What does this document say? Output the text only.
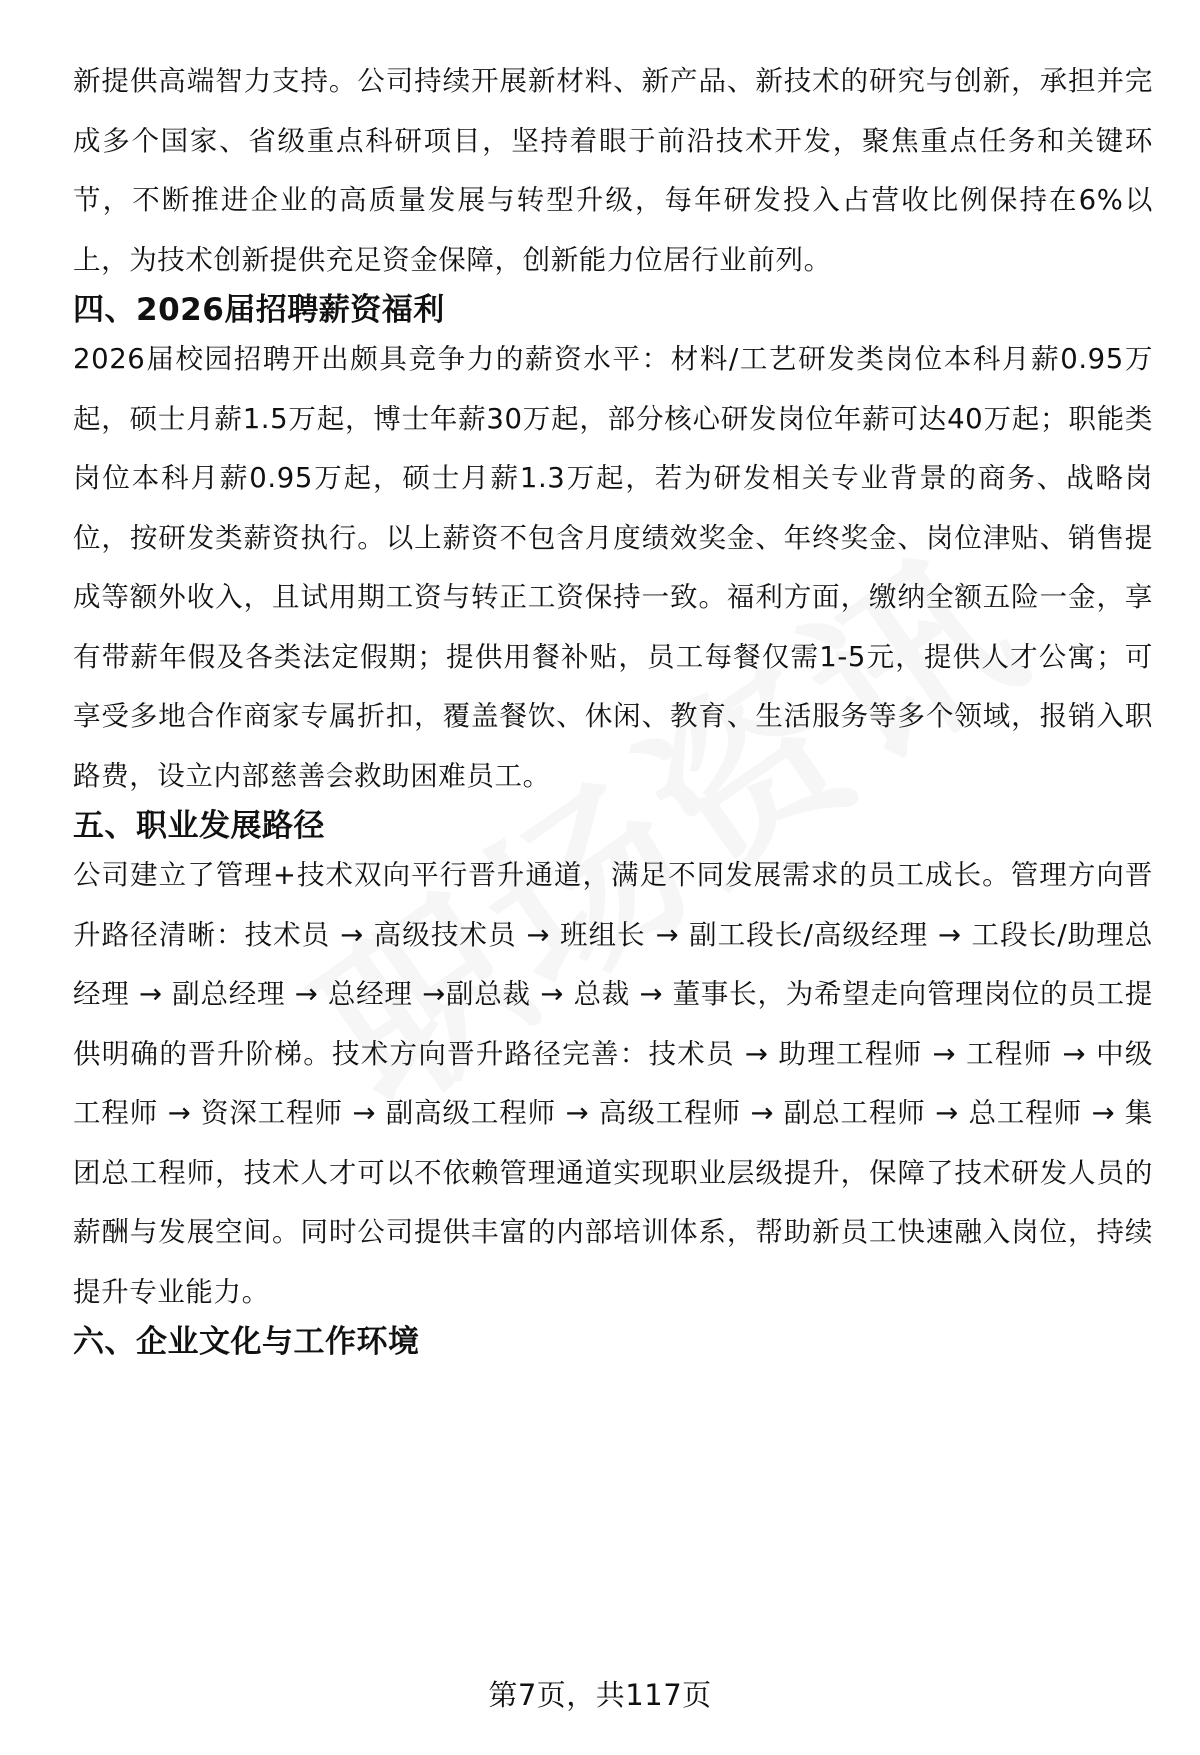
新提供高端智力支持。公司持续开展新材料、新产品、新技术的研究与创新，承担并完成多个国家、省级重点科研项目，坚持着眼于前沿技术开发，聚焦重点任务和关键环节，不断推进企业的高质量发展与转型升级，每年研发投入占营收比例保持在6%以上，为技术创新提供充足资金保障，创新能力位居行业前列。

四、2026届招聘薪资福利

2026届校园招聘开出颇具竞争力的薪资水平：材料/工艺研发类岗位本科月薪0.95万起，硕士月薪1.5万起，博士年薪30万起，部分核心研发岗位年薪可达40万起；职能类岗位本科月薪0.95万起，硕士月薪1.3万起，若为研发相关专业背景的商务、战略岗位，按研发类薪资执行。以上薪资不包含月度绩效奖金、年终奖金、岗位津贴、销售提成等额外收入，且试用期工资与转正工资保持一致。福利方面，缴纳全额五险一金，享有带薪年假及各类法定假期；提供用餐补贴，员工每餐仅需1-5元，提供人才公寓；可享受多地合作商家专属折扣，覆盖餐饮、休闲、教育、生活服务等多个领域，报销入职路费，设立内部慈善会救助困难员工。

五、职业发展路径

公司建立了管理+技术双向平行晋升通道，满足不同发展需求的员工成长。管理方向晋升路径清晰：技术员 → 高级技术员 → 班组长 → 副工段长/高级经理 → 工段长/助理总经理 → 副总经理 → 总经理 →副总裁 → 总裁 → 董事长，为希望走向管理岗位的员工提供明确的晋升阶梯。技术方向晋升路径完善：技术员 → 助理工程师 → 工程师 → 中级工程师 → 资深工程师 → 副高级工程师 → 高级工程师 → 副总工程师 → 总工程师 → 集团总工程师，技术人才可以不依赖管理通道实现职业层级提升，保障了技术研发人员的薪酬与发展空间。同时公司提供丰富的内部培训体系，帮助新员工快速融入岗位，持续提升专业能力。

六、企业文化与工作环境
第7页，共117页
